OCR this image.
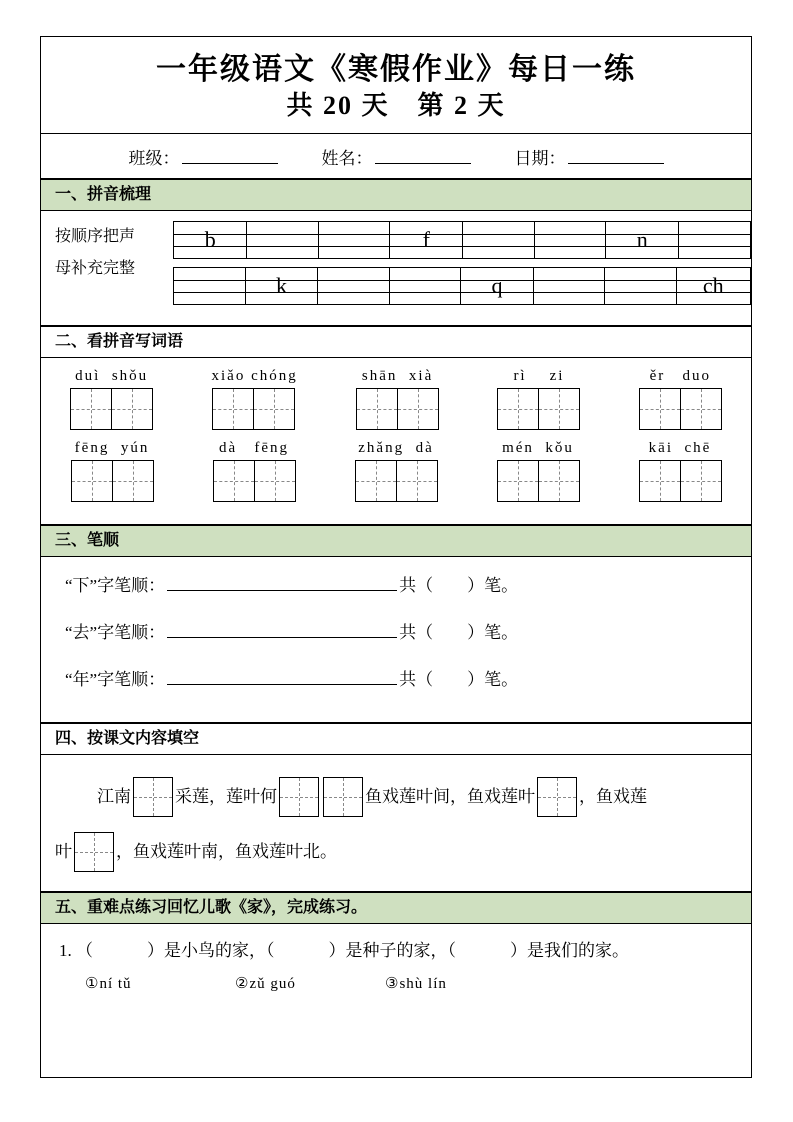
一年级语文《寒假作业》每日一练
共 20 天　第 2 天
班级：	姓名：	日期：
一、拼音梳理
按顺序把声
母补充完整
b			f			n

k			q			ch
二、看拼音写词语
duì  shǒu
		xiǎo chóng
		shān  xià
		rì    zi
		ěr   duo

fēng  yún
		dà   fēng
		zhǎng  dà
		mén  kǒu
		kāi  chē

三、笔顺
“下”字笔顺：	共（　　）笔。
“去”字笔顺：	共（　　）笔。
“年”字笔顺：	共（　　）笔。
四、按课文内容填空
江南	采莲，莲叶何	鱼戏莲叶间，鱼戏莲叶	，鱼戏莲
叶	，鱼戏莲叶南，鱼戏莲叶北。
五、重难点练习回忆儿歌《家》，完成练习。
1. （	）是小鸟的家，（	）是种子的家，（	）是我们的家。
①ní tǔ	②zǔ guó	③shù lín
